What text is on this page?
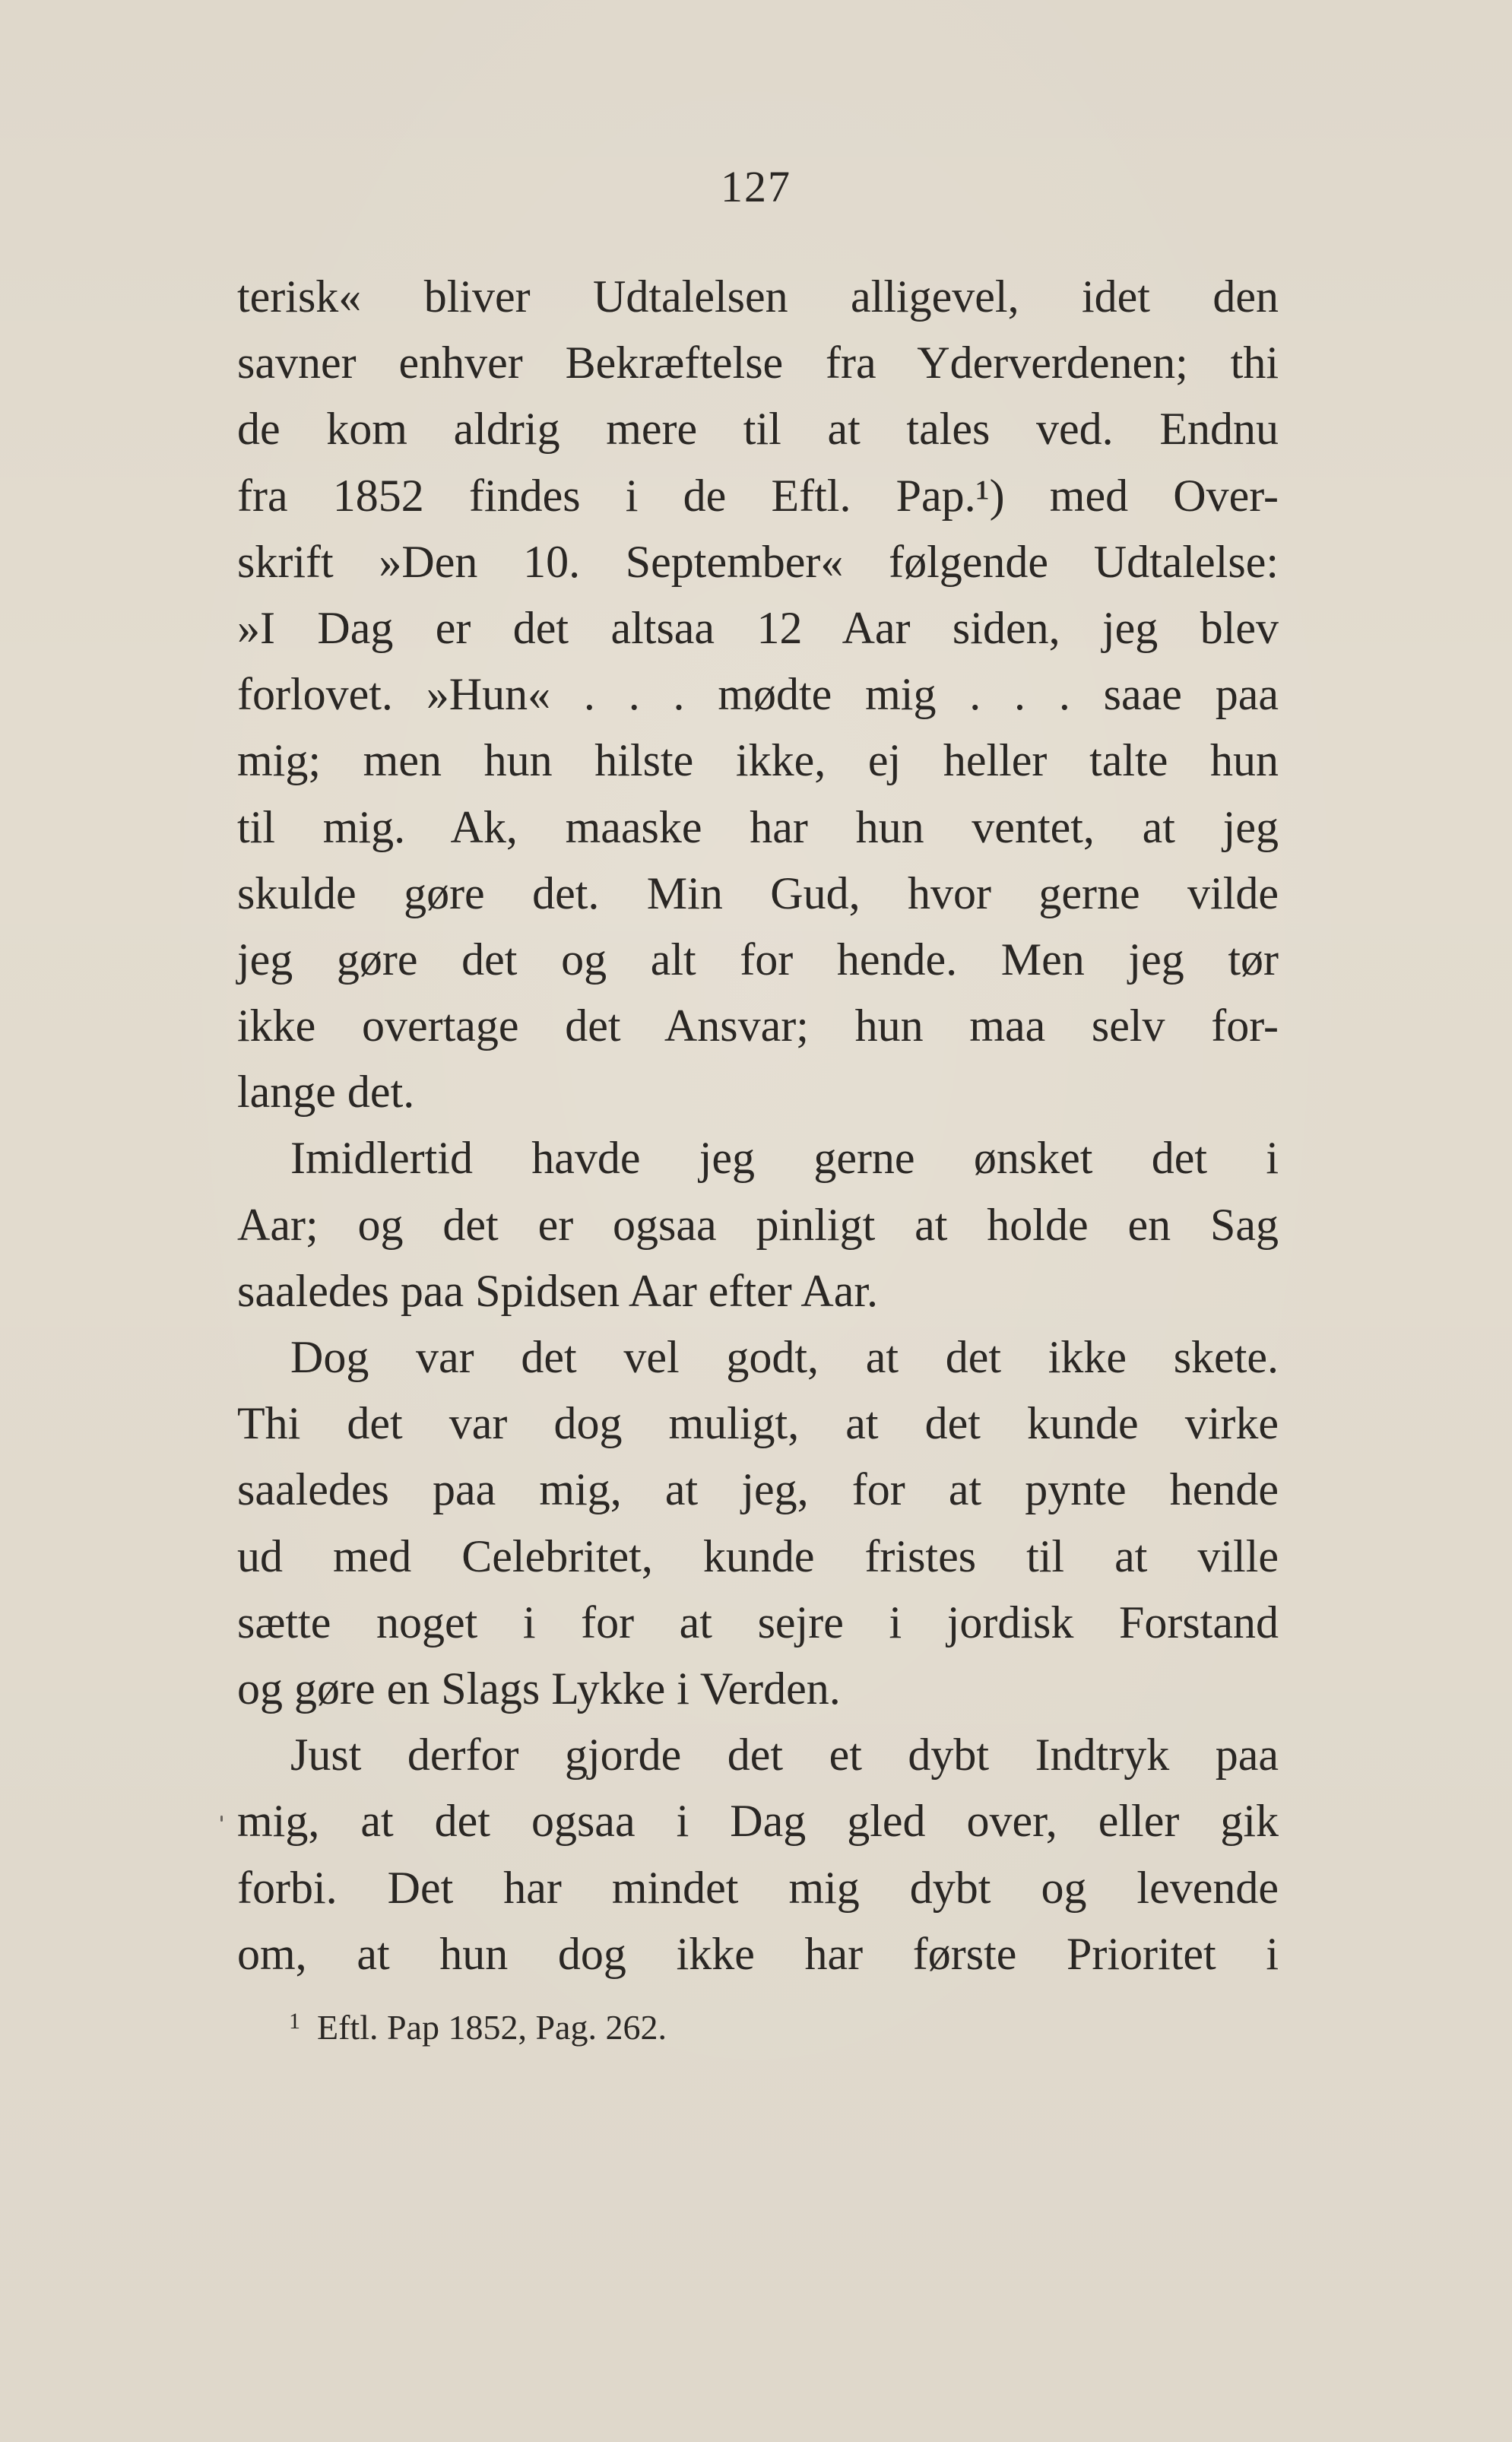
127
terisk« bliver Udtalelsen alligevel, idet den
savner enhver Bekræftelse fra Yderverdenen; thi
de kom aldrig mere til at tales ved. Endnu
fra 1852 findes i de Eftl. Pap.¹) med Over-
skrift »Den 10. September« følgende Udtalelse:
»I Dag er det altsaa 12 Aar siden, jeg blev
forlovet. »Hun« . . . mødte mig . . . saae paa
mig; men hun hilste ikke, ej heller talte hun
til mig. Ak, maaske har hun ventet, at jeg
skulde gøre det. Min Gud, hvor gerne vilde
jeg gøre det og alt for hende. Men jeg tør
ikke overtage det Ansvar; hun maa selv for-
lange det.
Imidlertid havde jeg gerne ønsket det i
Aar; og det er ogsaa pinligt at holde en Sag
saaledes paa Spidsen Aar efter Aar.
Dog var det vel godt, at det ikke skete.
Thi det var dog muligt, at det kunde virke
saaledes paa mig, at jeg, for at pynte hende
ud med Celebritet, kunde fristes til at ville
sætte noget i for at sejre i jordisk Forstand
og gøre en Slags Lykke i Verden.
Just derfor gjorde det et dybt Indtryk paa
mig, at det ogsaa i Dag gled over, eller gik
forbi. Det har mindet mig dybt og levende
om, at hun dog ikke har første Prioritet i
$^1$ Eftl. Pap 1852, Pag. 262.
